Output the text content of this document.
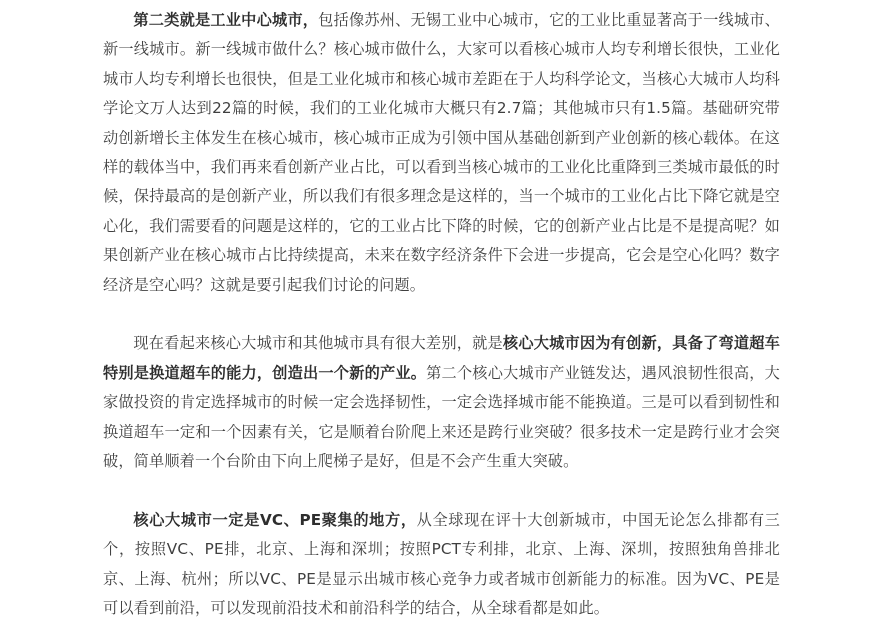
第二类就是工业中心城市，包括像苏州、无锡工业中心城市，它的工业比重显著高于一线城市、新一线城市。新一线城市做什么？核心城市做什么，大家可以看核心城市人均专利增长很快，工业化城市人均专利增长也很快，但是工业化城市和核心城市差距在于人均科学论文，当核心大城市人均科学论文万人达到22篇的时候，我们的工业化城市大概只有2.7篇；其他城市只有1.5篇。基础研究带动创新增长主体发生在核心城市，核心城市正成为引领中国从基础创新到产业创新的核心载体。在这样的载体当中，我们再来看创新产业占比，可以看到当核心城市的工业化比重降到三类城市最低的时候，保持最高的是创新产业，所以我们有很多理念是这样的，当一个城市的工业化占比下降它就是空心化，我们需要看的问题是这样的，它的工业占比下降的时候，它的创新产业占比是不是提高呢？如果创新产业在核心城市占比持续提高，未来在数字经济条件下会进一步提高，它会是空心化吗？数字经济是空心吗？这就是要引起我们讨论的问题。

现在看起来核心大城市和其他城市具有很大差别，就是核心大城市因为有创新，具备了弯道超车特别是换道超车的能力，创造出一个新的产业。第二个核心大城市产业链发达，遇风浪韧性很高，大家做投资的肯定选择城市的时候一定会选择韧性，一定会选择城市能不能换道。三是可以看到韧性和换道超车一定和一个因素有关，它是顺着台阶爬上来还是跨行业突破？很多技术一定是跨行业才会突破，简单顺着一个台阶由下向上爬梯子是好，但是不会产生重大突破。

核心大城市一定是VC、PE聚集的地方，从全球现在评十大创新城市，中国无论怎么排都有三个，按照VC、PE排，北京、上海和深圳；按照PCT专利排，北京、上海、深圳，按照独角兽排北京、上海、杭州；所以VC、PE是显示出城市核心竞争力或者城市创新能力的标准。因为VC、PE是可以看到前沿，可以发现前沿技术和前沿科学的结合，从全球看都是如此。
